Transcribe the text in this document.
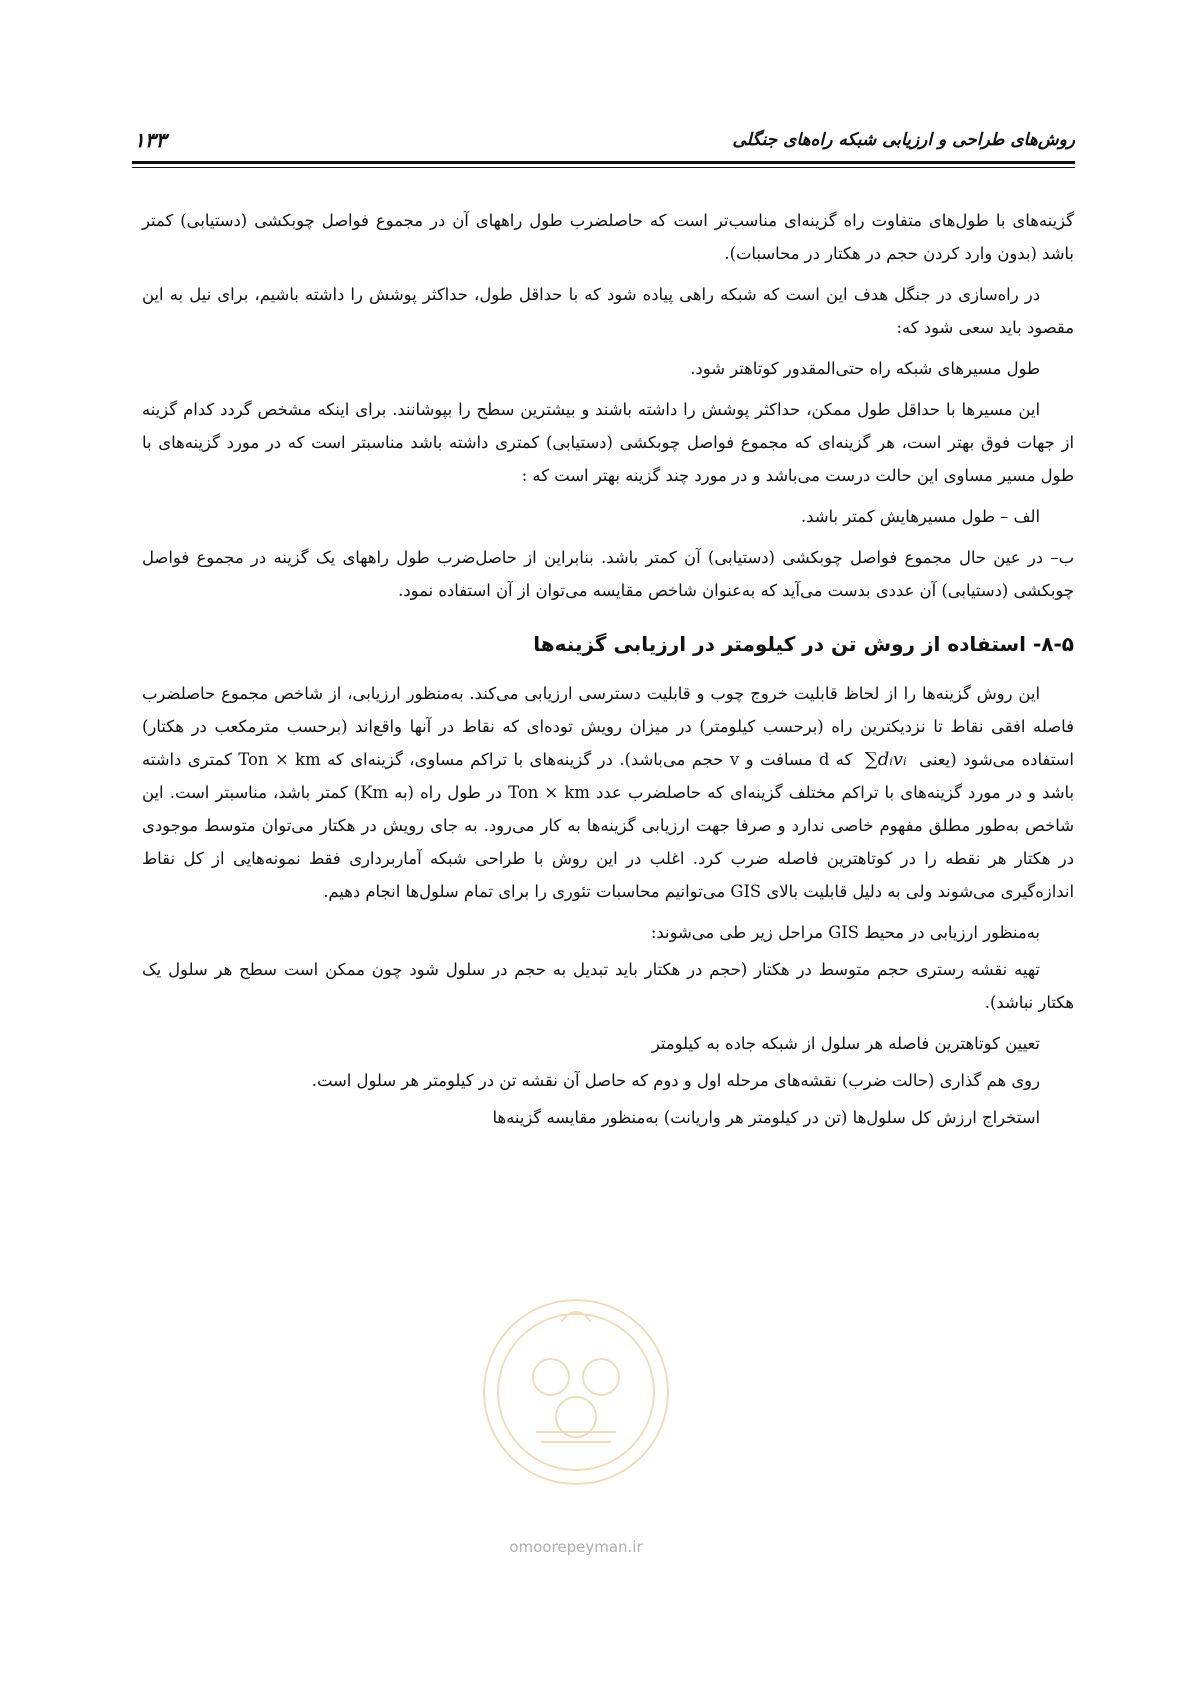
روش‌های طراحی و ارزیابی شبکه راه‌های جنگلی
۱۳۳

گزینه‌های با طول‌های متفاوت راه گزینه‌ای مناسب‌تر است که حاصلضرب طول راههای آن در مجموع فواصل چوبکشی (دستیابی) کمتر باشد (بدون وارد کردن حجم در هکتار در محاسبات).

در راه‌سازی در جنگل هدف این است که شبکه راهی پیاده شود که با حداقل طول، حداکثر پوشش را داشته باشیم، برای نیل به این مقصود باید سعی شود که:

طول مسیرهای شبکه راه حتی‌المقدور کوتاهتر شود.

این مسیرها با حداقل طول ممکن، حداکثر پوشش را داشته باشند و بیشترین سطح را بپوشانند. برای اینکه مشخص گردد کدام گزینه از جهات فوق بهتر است، هر گزینه‌ای که مجموع فواصل چوبکشی (دستیابی) کمتری داشته باشد مناسبتر است که در مورد گزینه‌های با طول مسیر مساوی این حالت درست می‌باشد و در مورد چند گزینه بهتر است که :

الف – طول مسیرهایش کمتر باشد.

ب– در عین حال مجموع فواصل چوبکشی (دستیابی) آن کمتر باشد. بنابراین از حاصل‌ضرب طول راههای یک گزینه در مجموع فواصل چوبکشی (دستیابی) آن عددی بدست می‌آید که به‌عنوان شاخص مقایسه می‌توان از آن استفاده نمود.

۸-۵- استفاده از روش تن در کیلومتر در ارزیابی گزینه‌ها

این روش گزینه‌ها را از لحاظ قابلیت خروج چوب و قابلیت دسترسی ارزیابی می‌کند. به‌منظور ارزیابی، از شاخص مجموع حاصلضرب فاصله افقی نقاط تا نزدیکترین راه (برحسب کیلومتر) در میزان رویش توده‌ای که نقاط در آنها واقع‌اند (برحسب مترمکعب در هکتار) استفاده می‌شود (یعنی ∑dᵢvᵢ که d مسافت و v حجم می‌باشد). در گزینه‌های با تراکم مساوی، گزینه‌ای که Ton × km کمتری داشته باشد و در مورد گزینه‌های با تراکم مختلف گزینه‌ای که حاصلضرب عدد Ton × km در طول راه (به Km) کمتر باشد، مناسبتر است. این شاخص به‌طور مطلق مفهوم خاصی ندارد و صرفا جهت ارزیابی گزینه‌ها به کار می‌رود. به جای رویش در هکتار می‌توان متوسط موجودی در هکتار هر نقطه را در کوتاهترین فاصله ضرب کرد. اغلب در این روش با طراحی شبکه آماربرداری فقط نمونه‌هایی از کل نقاط اندازه‌گیری می‌شوند ولی به دلیل قابلیت بالای GIS می‌توانیم محاسبات تئوری را برای تمام سلول‌ها انجام دهیم.

به‌منظور ارزیابی در محیط GIS مراحل زیر طی می‌شوند:

تهیه نقشه رستری حجم متوسط در هکتار (حجم در هکتار باید تبدیل به حجم در سلول شود چون ممکن است سطح هر سلول یک هکتار نباشد).

تعیین کوتاهترین فاصله هر سلول از شبکه جاده به کیلومتر

روی هم گذاری (حالت ضرب) نقشه‌های مرحله اول و دوم که حاصل آن نقشه تن در کیلومتر هر سلول است.

استخراج ارزش کل سلول‌ها (تن در کیلومتر هر واریانت) به‌منظور مقایسه گزینه‌ها

omoorepeyman.ir
